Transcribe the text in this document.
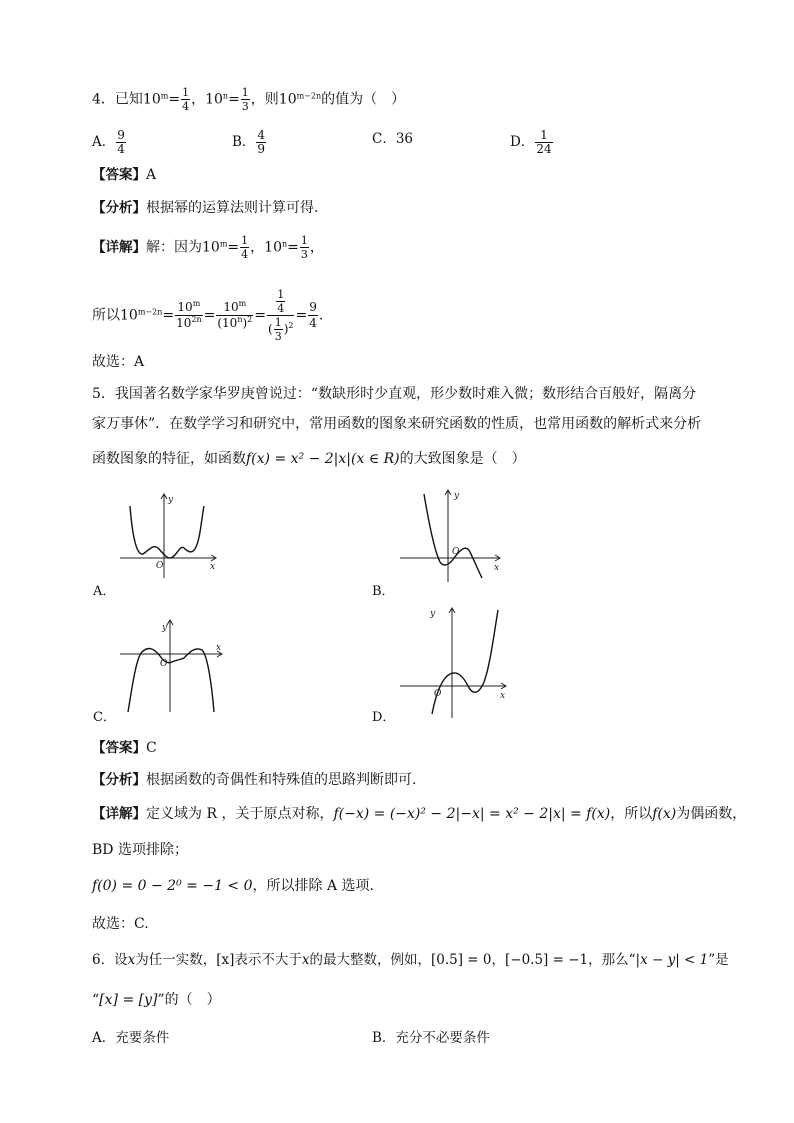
4．已知$10^m= \frac{1}{4}$ ，$10^n= \frac{1}{3}$ ，则$10^{m-2n}$的值为（　）
A． $\frac{9}{4}$	B． $\frac{4}{9}$	C．36	D． $\frac{1}{24}$
【答案】A
【分析】根据幂的运算法则计算可得.
【详解】解：因为$10^m= \frac{1}{4}$ ，$10^n= \frac{1}{3}$ ，
所以$10^{m-2n}= \frac{10^m}{10^{2n}} = \frac{10^m}{(10^n)^2} = \frac{\frac{1}{4}}{( \frac{1}{3} )^2} = \frac{9}{4}$ .
故选：A
5．我国著名数学家华罗庚曾说过：“数缺形时少直观，形少数时难入微；数形结合百般好，隔离分
家万事休”．在数学学习和研究中，常用函数的图象来研究函数的性质，也常用函数的解析式来分析
函数图象的特征，如函数f(x) = x² − 2|x|(x ∈ R)的大致图象是（　）
y
x
O
A．
y
x
O
B．
y
x
O
C．
y
x
O
D．
【答案】C
【分析】根据函数的奇偶性和特殊值的思路判断即可.
【详解】定义域为 R ，关于原点对称，f(−x) = (−x)² − 2|−x| = x² − 2|x| = f(x)，所以f(x)为偶函数，
BD 选项排除；
f(0) = 0 − 2⁰ = −1 < 0，所以排除 A 选项.
故选：C.
6．设x为任一实数，[x]表示不大于x的最大整数，例如，[0.5] = 0，[−0.5] = −1，那么“|x − y| < 1”是
“[x] = [y]”的（　）
A．充要条件	B．充分不必要条件
